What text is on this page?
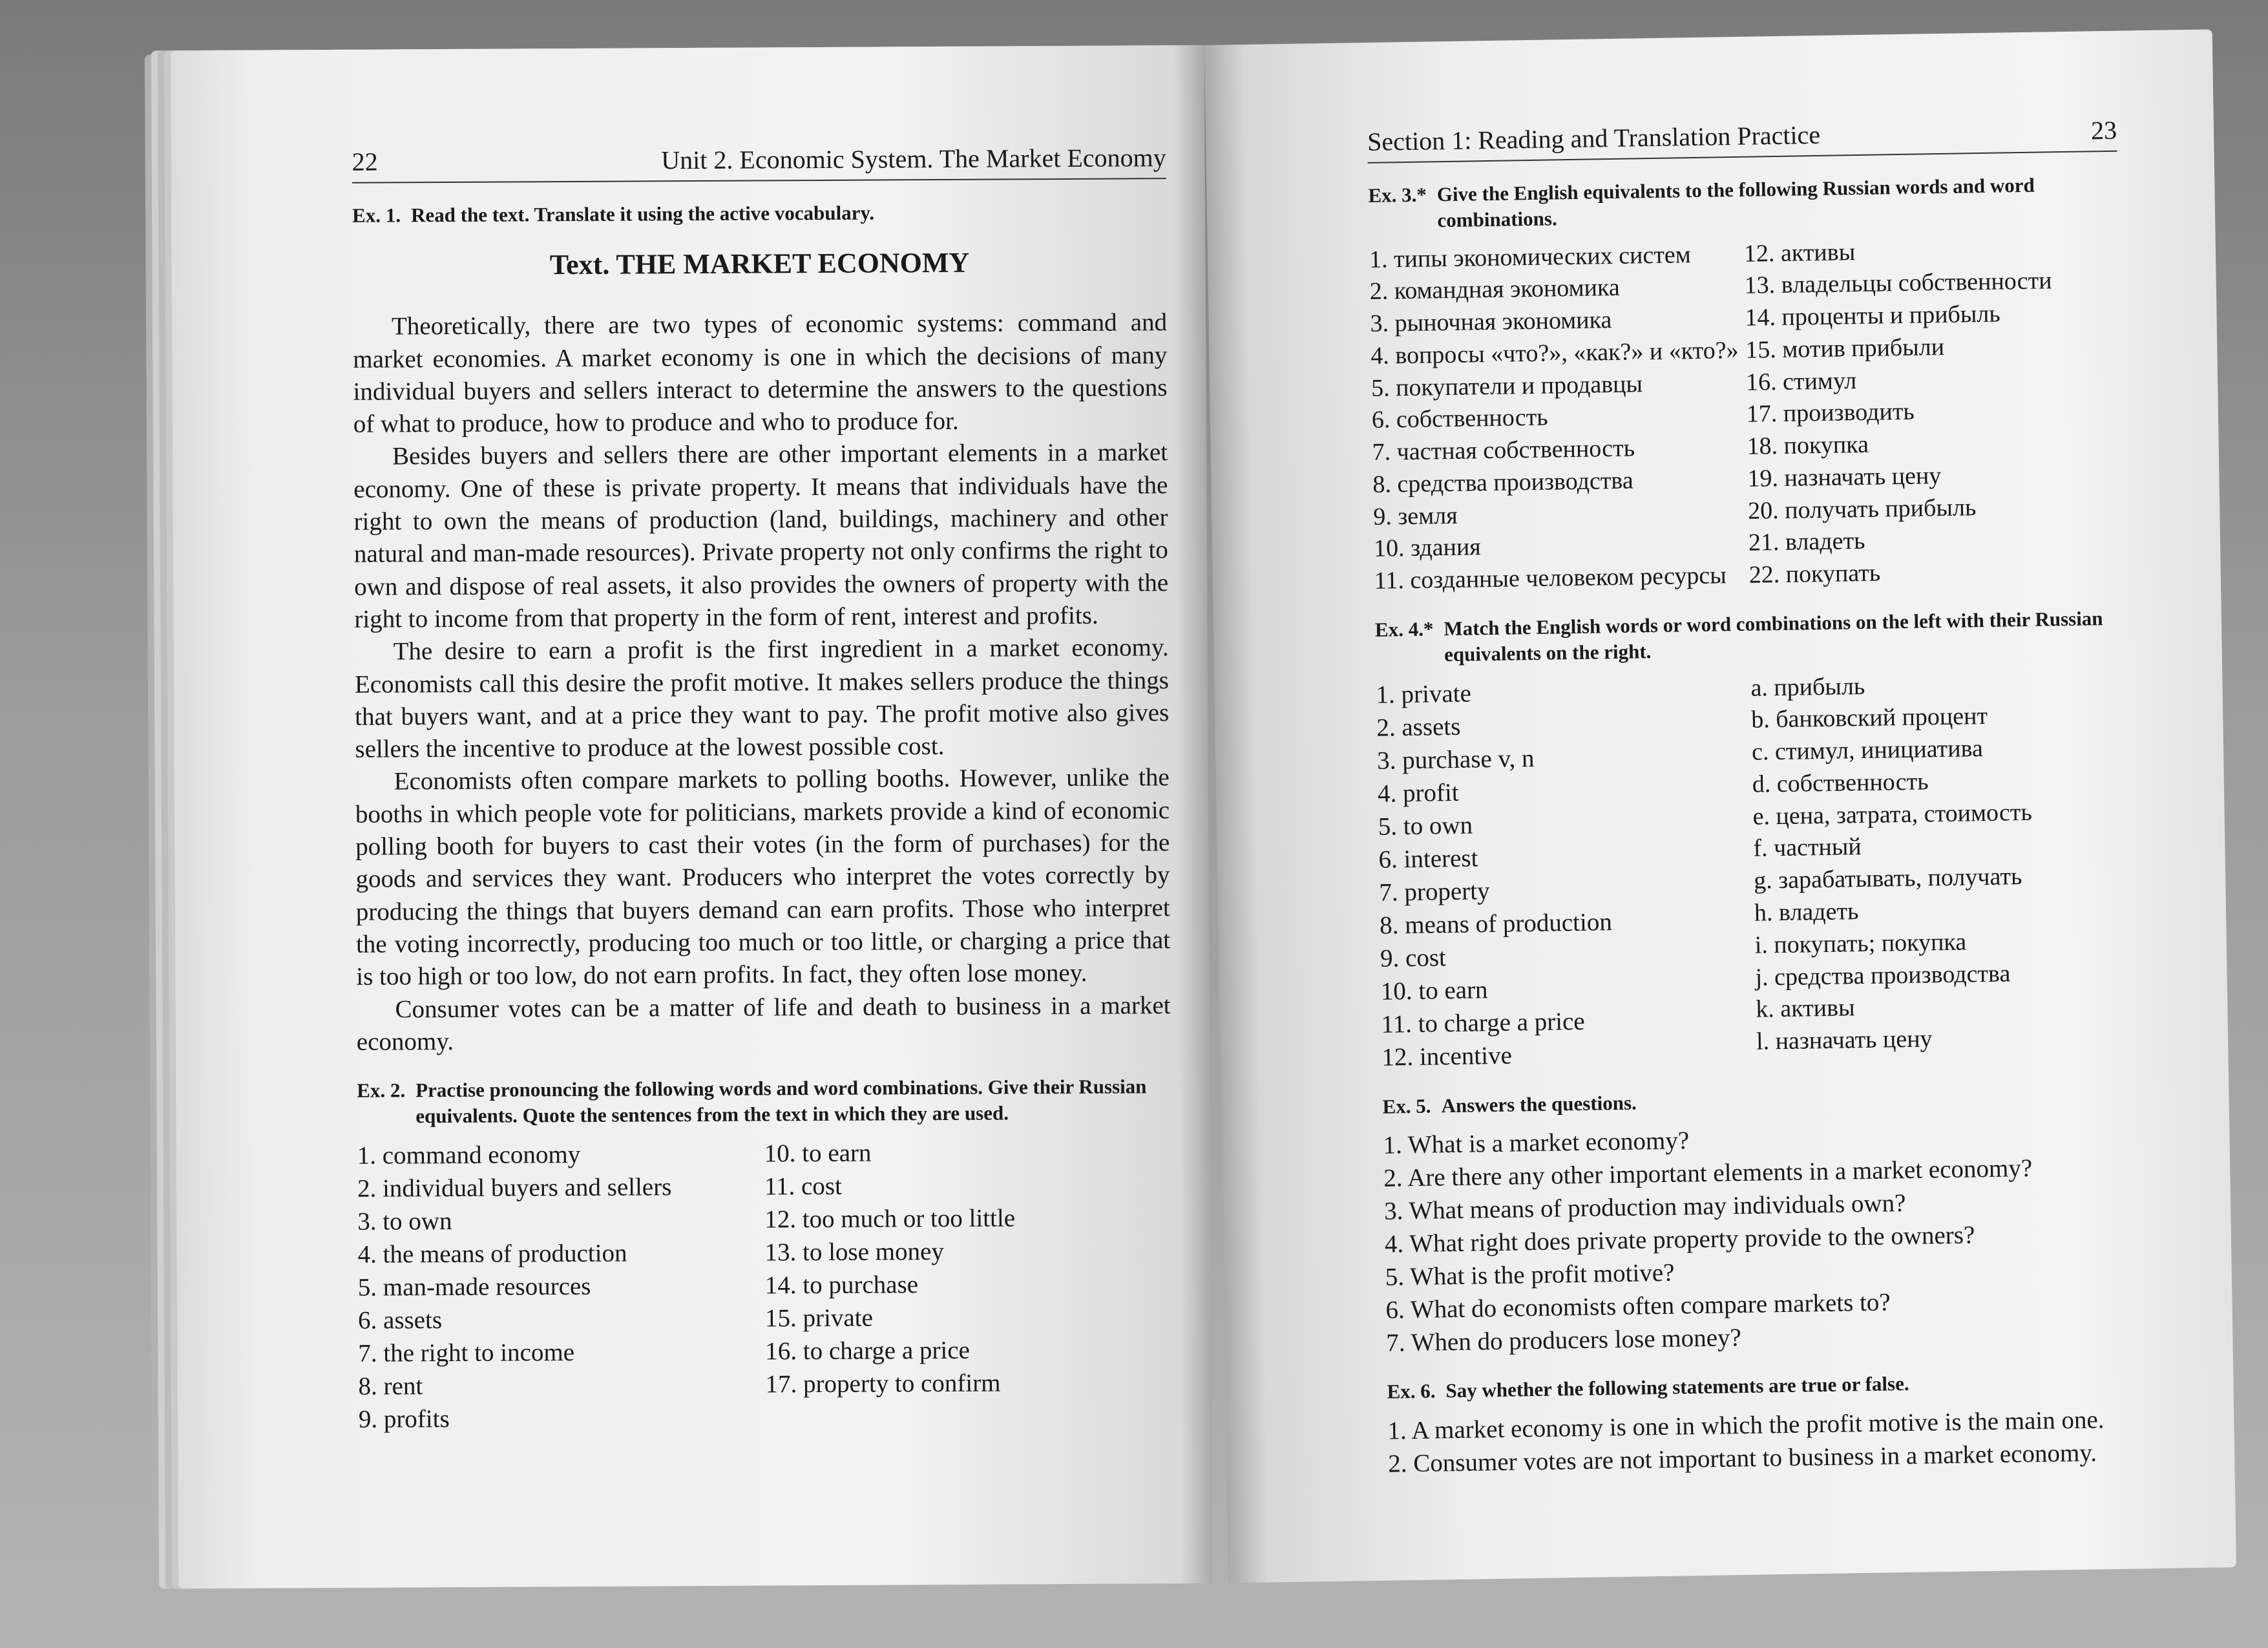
22	Unit 2. Economic System. The Market Economy
Ex. 1. Read the text. Translate it using the active vocabulary.
Text. THE MARKET ECONOMY

Theoretically, there are two types of economic systems: command and market economies. A market economy is one in which the decisions of many individual buyers and sellers interact to determine the answers to the questions of what to produce, how to produce and who to produce for.

Besides buyers and sellers there are other important elements in a market economy. One of these is private property. It means that individuals have the right to own the means of production (land, buildings, machinery and other natural and man-made resources). Private property not only confirms the right to own and dispose of real assets, it also provides the owners of property with the right to income from that property in the form of rent, interest and profits.

The desire to earn a profit is the first ingredient in a market economy. Economists call this desire the profit motive. It makes sellers produce the things that buyers want, and at a price they want to pay. The profit motive also gives sellers the incentive to produce at the lowest possible cost.

Economists often compare markets to polling booths. However, unlike the booths in which people vote for politicians, markets provide a kind of economic polling booth for buyers to cast their votes (in the form of purchases) for the goods and services they want. Producers who interpret the votes correctly by producing the things that buyers demand can earn profits. Those who interpret the voting incorrectly, producing too much or too little, or charging a price that is too high or too low, do not earn profits. In fact, they often lose money.

Consumer votes can be a matter of life and death to business in a market economy.

Ex. 2. Practise pronouncing the following words and word combinations. Give their Russian equivalents. Quote the sentences from the text in which they are used.
1. command economy
2. individual buyers and sellers
3. to own
4. the means of production
5. man-made resources
6. assets
7. the right to income
8. rent
9. profits
10. to earn
11. cost
12. too much or too little
13. to lose money
14. to purchase
15. private
16. to charge a price
17. property to confirm
Section 1: Reading and Translation Practice	23
Ex. 3.* Give the English equivalents to the following Russian words and word combinations.
1. типы экономических систем
2. командная экономика
3. рыночная экономика
4. вопросы «что?», «как?» и «кто?»
5. покупатели и продавцы
6. собственность
7. частная собственность
8. средства производства
9. земля
10. здания
11. созданные человеком ресурсы
12. активы
13. владельцы собственности
14. проценты и прибыль
15. мотив прибыли
16. стимул
17. производить
18. покупка
19. назначать цену
20. получать прибыль
21. владеть
22. покупать
Ex. 4.* Match the English words or word combinations on the left with their Russian equivalents on the right.
1. private
2. assets
3. purchase v, n
4. profit
5. to own
6. interest
7. property
8. means of production
9. cost
10. to earn
11. to charge a price
12. incentive
a. прибыль
b. банковский процент
c. стимул, инициатива
d. собственность
e. цена, затрата, стоимость
f. частный
g. зарабатывать, получать
h. владеть
i. покупать; покупка
j. средства производства
k. активы
l. назначать цену
Ex. 5. Answers the questions.
1. What is a market economy?
2. Are there any other important elements in a market economy?
3. What means of production may individuals own?
4. What right does private property provide to the owners?
5. What is the profit motive?
6. What do economists often compare markets to?
7. When do producers lose money?
Ex. 6. Say whether the following statements are true or false.
1. A market economy is one in which the profit motive is the main one.
2. Consumer votes are not important to business in a market economy.
